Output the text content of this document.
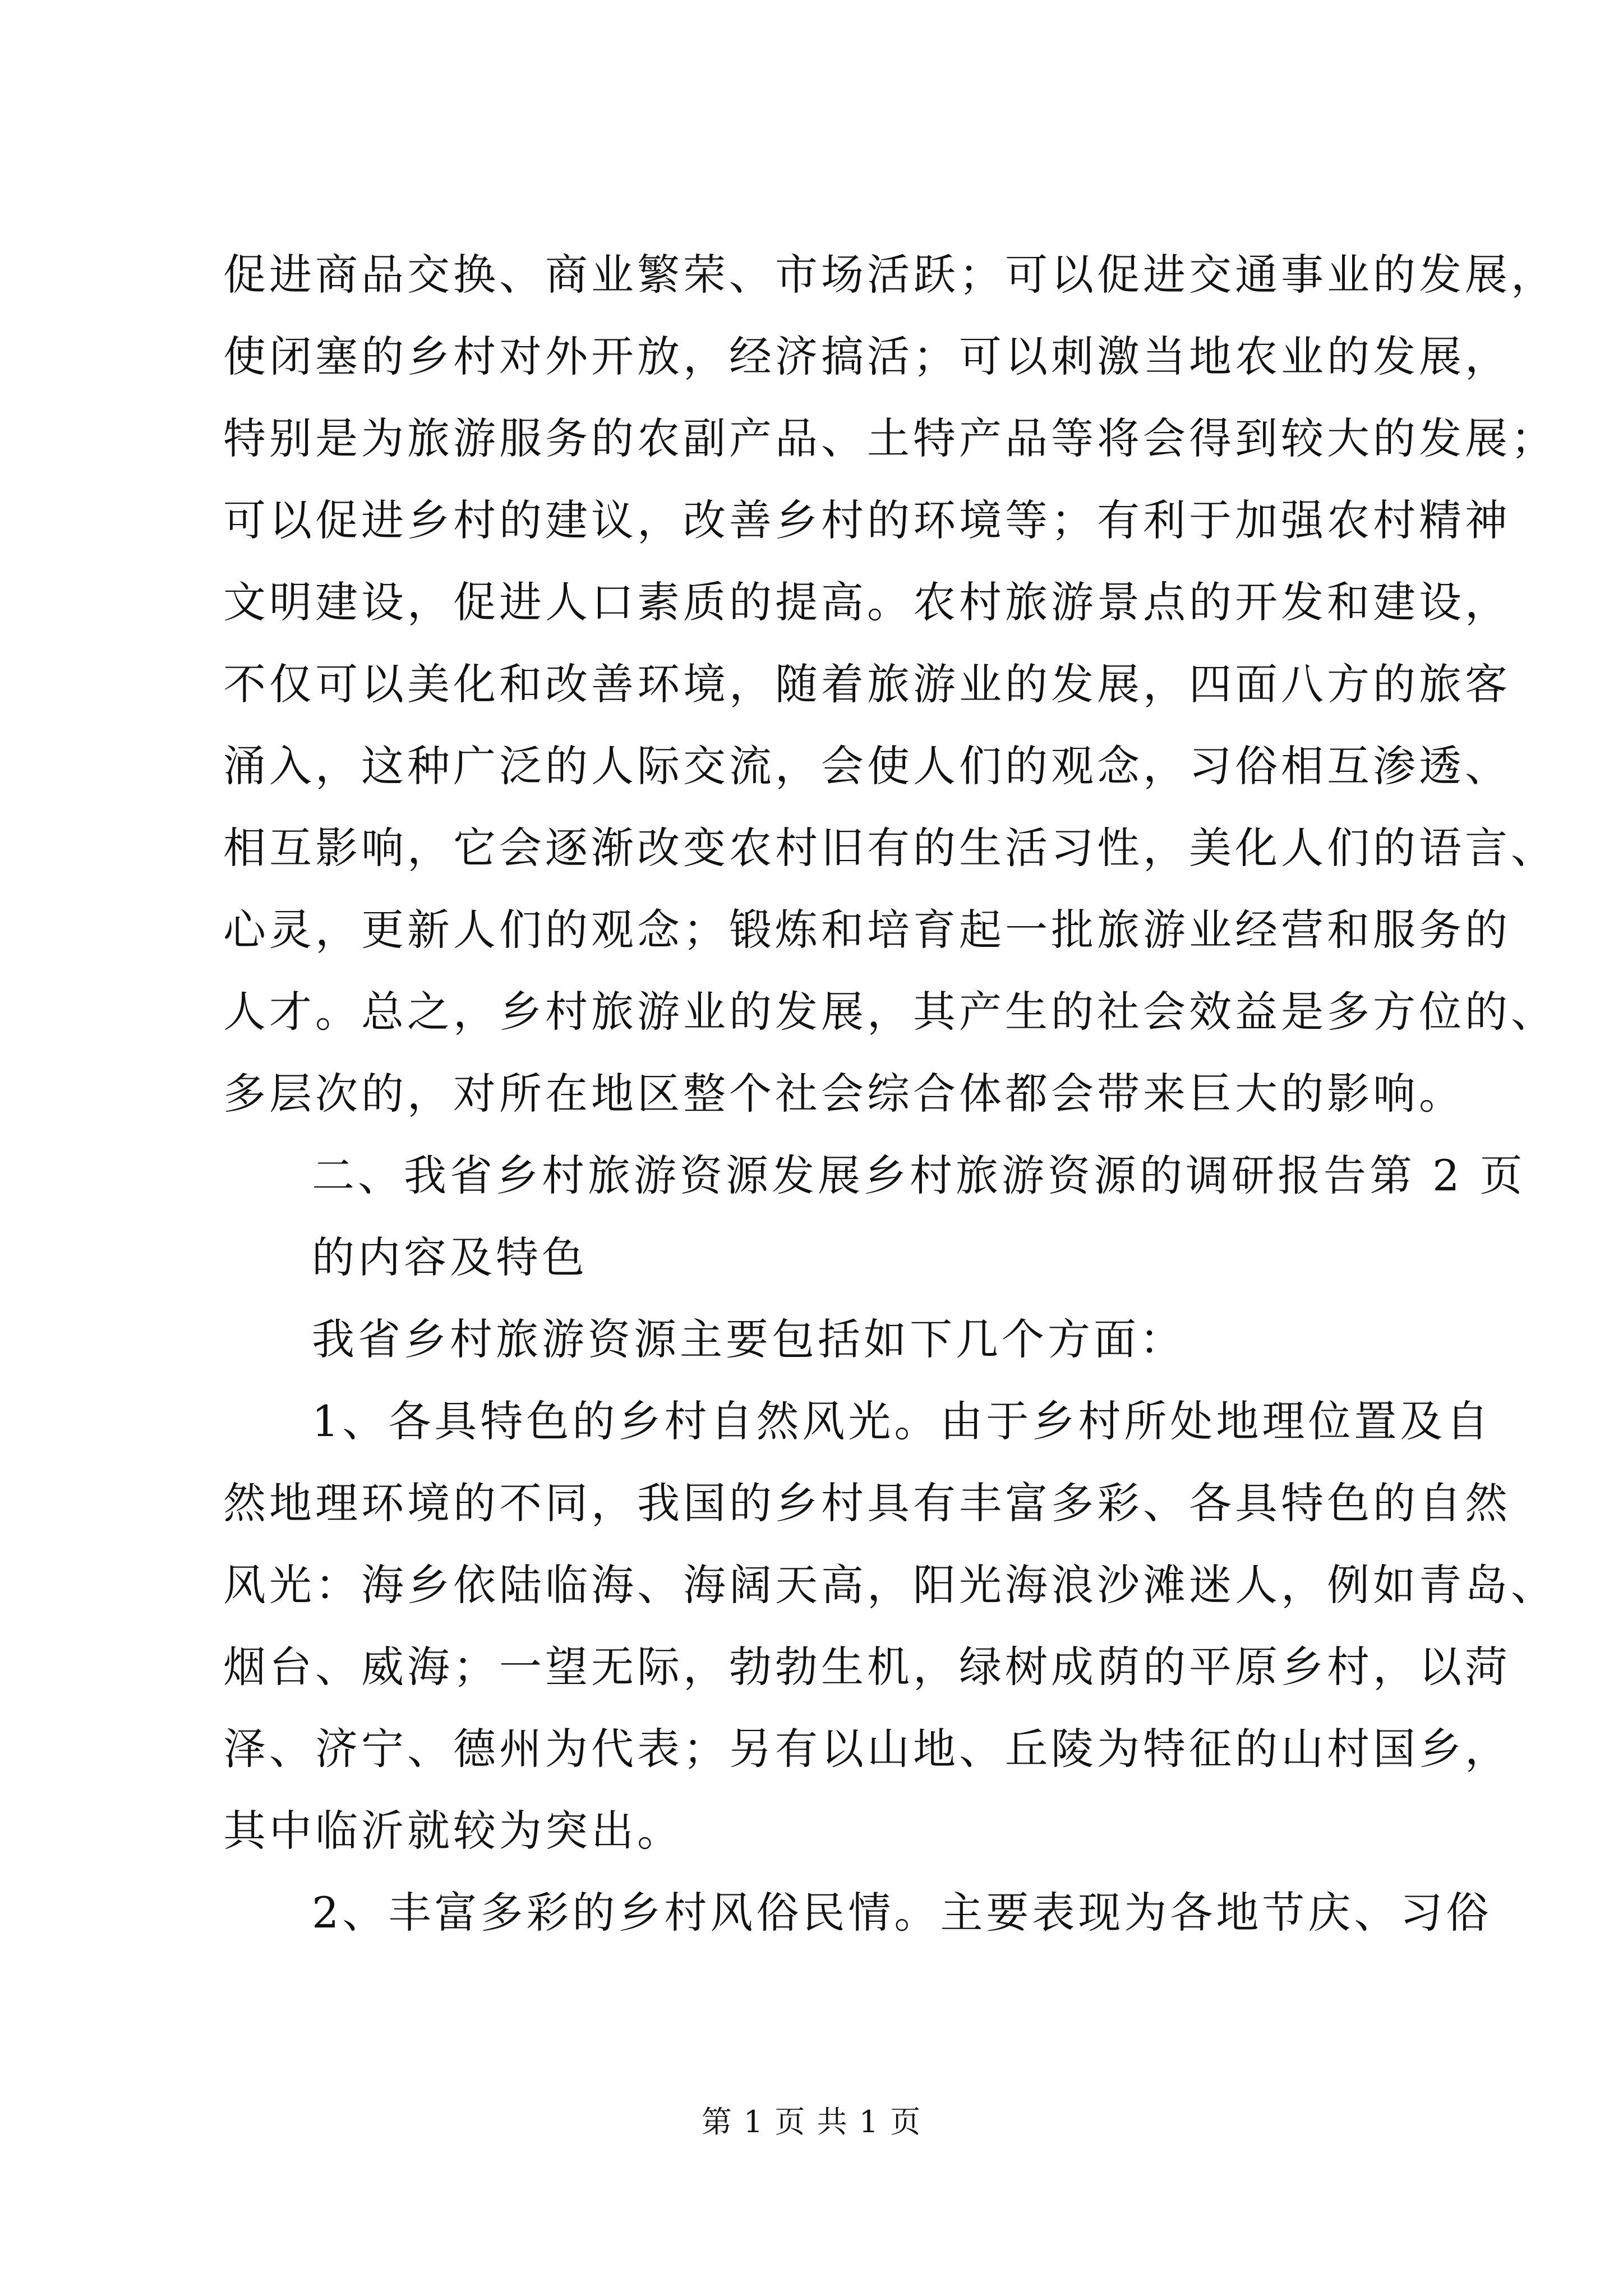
促进商品交换、商业繁荣、市场活跃；可以促进交通事业的发展，
使闭塞的乡村对外开放，经济搞活；可以刺激当地农业的发展，
特别是为旅游服务的农副产品、土特产品等将会得到较大的发展；
可以促进乡村的建议，改善乡村的环境等；有利于加强农村精神
文明建设，促进人口素质的提高。农村旅游景点的开发和建设，
不仅可以美化和改善环境，随着旅游业的发展，四面八方的旅客
涌入，这种广泛的人际交流，会使人们的观念，习俗相互渗透、
相互影响，它会逐渐改变农村旧有的生活习性，美化人们的语言、
心灵，更新人们的观念；锻炼和培育起一批旅游业经营和服务的
人才。总之，乡村旅游业的发展，其产生的社会效益是多方位的、
多层次的，对所在地区整个社会综合体都会带来巨大的影响。
二、我省乡村旅游资源发展乡村旅游资源的调研报告第 2 页
的内容及特色
我省乡村旅游资源主要包括如下几个方面：
1、各具特色的乡村自然风光。由于乡村所处地理位置及自
然地理环境的不同，我国的乡村具有丰富多彩、各具特色的自然
风光：海乡依陆临海、海阔天高，阳光海浪沙滩迷人，例如青岛、
烟台、威海；一望无际，勃勃生机，绿树成荫的平原乡村，以菏
泽、济宁、德州为代表；另有以山地、丘陵为特征的山村国乡，
其中临沂就较为突出。
2、丰富多彩的乡村风俗民情。主要表现为各地节庆、习俗
第 1 页 共 1 页
